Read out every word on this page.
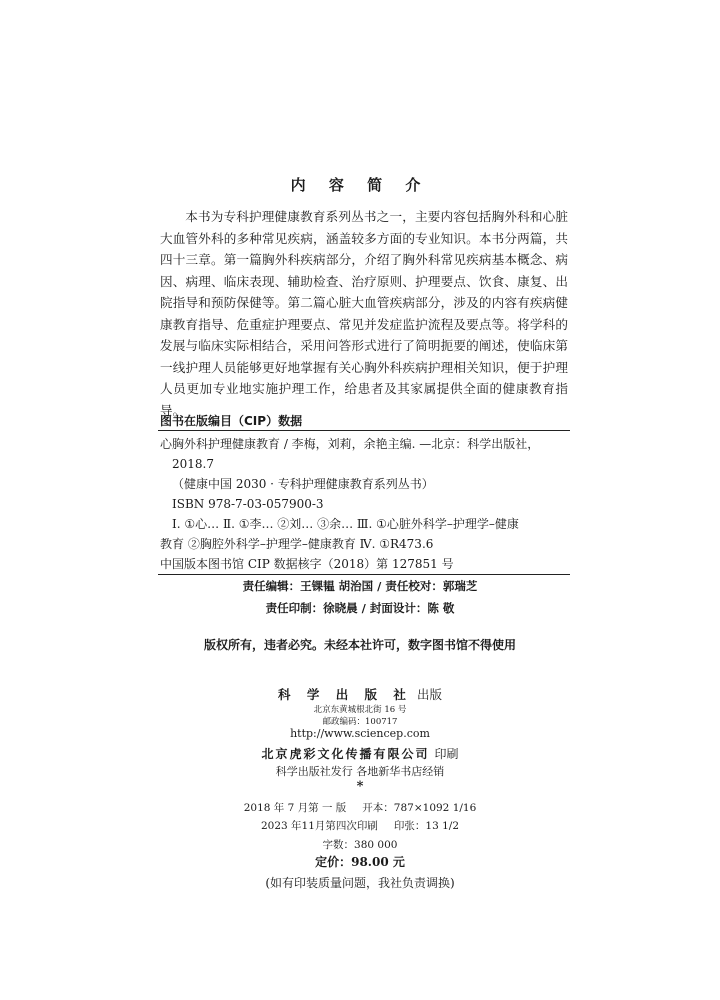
内 容 简 介
本书为专科护理健康教育系列丛书之一，主要内容包括胸外科和心脏大血管外科的多种常见疾病，涵盖较多方面的专业知识。本书分两篇，共四十三章。第一篇胸外科疾病部分，介绍了胸外科常见疾病基本概念、病因、病理、临床表现、辅助检查、治疗原则、护理要点、饮食、康复、出院指导和预防保健等。第二篇心脏大血管疾病部分，涉及的内容有疾病健康教育指导、危重症护理要点、常见并发症监护流程及要点等。将学科的发展与临床实际相结合，采用问答形式进行了简明扼要的阐述，使临床第一线护理人员能够更好地掌握有关心胸外科疾病护理相关知识，便于护理人员更加专业地实施护理工作，给患者及其家属提供全面的健康教育指导。
图书在版编目（CIP）数据
心胸外科护理健康教育 / 李梅，刘莉，余艳主编. —北京：科学出版社，
2018.7
（健康中国 2030 · 专科护理健康教育系列丛书）
ISBN 978-7-03-057900-3
Ⅰ. ①心… Ⅱ. ①李… ②刘… ③余… Ⅲ. ①心脏外科学–护理学–健康
教育 ②胸腔外科学–护理学–健康教育 Ⅳ. ①R473.6
中国版本图书馆 CIP 数据核字（2018）第 127851 号
责任编辑：王锞韫 胡治国 / 责任校对：郭瑞芝
责任印制：徐晓晨 / 封面设计：陈 敬
版权所有，违者必究。未经本社许可，数字图书馆不得使用
科 学 出 版 社 出版
北京东黄城根北街 16 号
邮政编码：100717
http://www.sciencep.com
北京虎彩文化传播有限公司 印刷
科学出版社发行 各地新华书店经销
*
2018 年 7 月第 一 版 开本：787×1092 1/16
2023 年11月第四次印刷 印张：13 1/2
字数：380 000
定价：98.00 元
(如有印装质量问题，我社负责调换)
